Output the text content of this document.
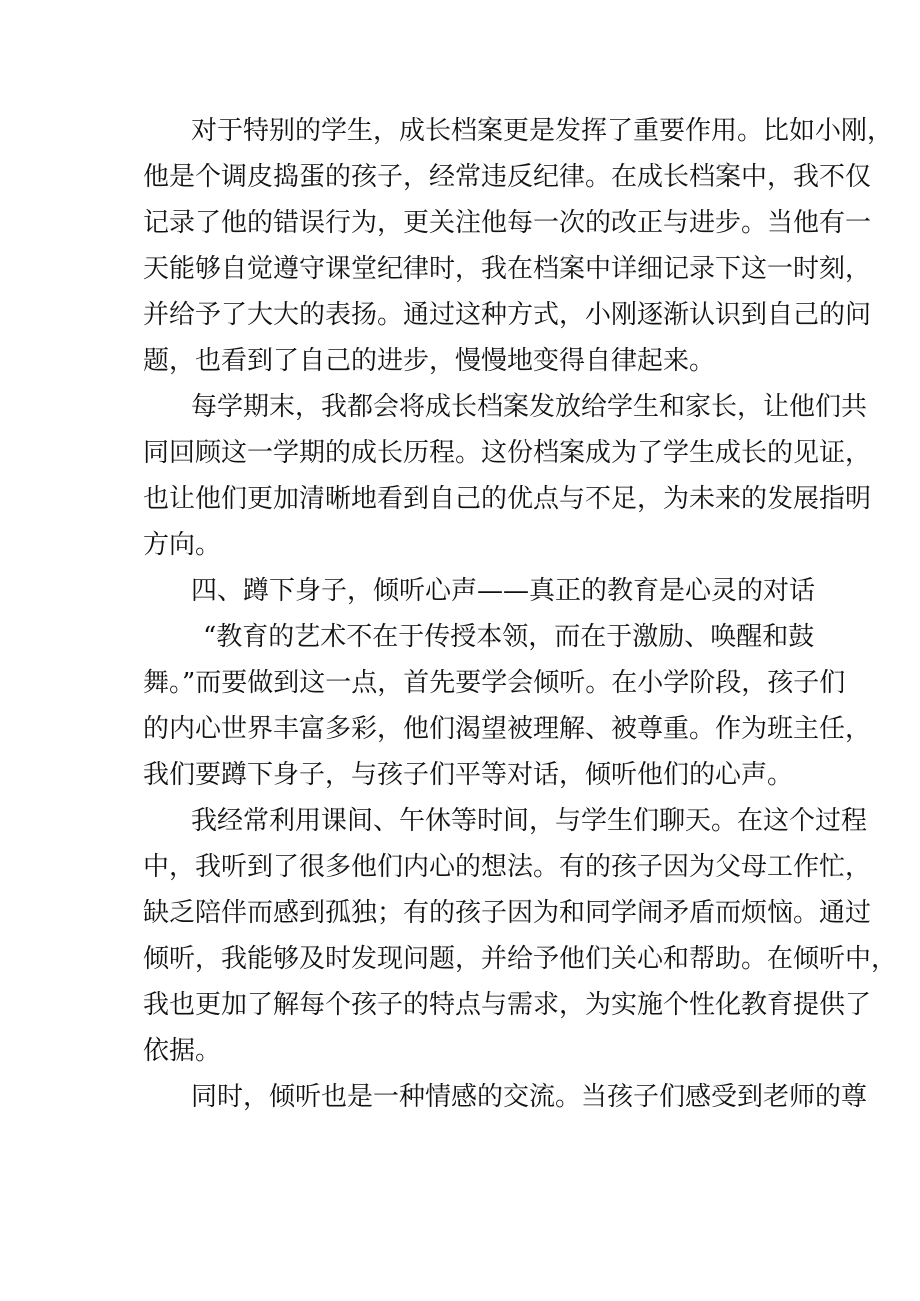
对于特别的学生，成长档案更是发挥了重要作用。比如小刚，
他是个调皮捣蛋的孩子，经常违反纪律。在成长档案中，我不仅
记录了他的错误行为，更关注他每一次的改正与进步。当他有一
天能够自觉遵守课堂纪律时，我在档案中详细记录下这一时刻，
并给予了大大的表扬。通过这种方式，小刚逐渐认识到自己的问
题，也看到了自己的进步，慢慢地变得自律起来。
每学期末，我都会将成长档案发放给学生和家长，让他们共
同回顾这一学期的成长历程。这份档案成为了学生成长的见证，
也让他们更加清晰地看到自己的优点与不足，为未来的发展指明
方向。
四、蹲下身子，倾听心声——真正的教育是心灵的对话
“教育的艺术不在于传授本领，而在于激励、唤醒和鼓
舞。”而要做到这一点，首先要学会倾听。在小学阶段，孩子们
的内心世界丰富多彩，他们渴望被理解、被尊重。作为班主任，
我们要蹲下身子，与孩子们平等对话，倾听他们的心声。
我经常利用课间、午休等时间，与学生们聊天。在这个过程
中，我听到了很多他们内心的想法。有的孩子因为父母工作忙，
缺乏陪伴而感到孤独；有的孩子因为和同学闹矛盾而烦恼。通过
倾听，我能够及时发现问题，并给予他们关心和帮助。在倾听中，
我也更加了解每个孩子的特点与需求，为实施个性化教育提供了
依据。
同时，倾听也是一种情感的交流。当孩子们感受到老师的尊
